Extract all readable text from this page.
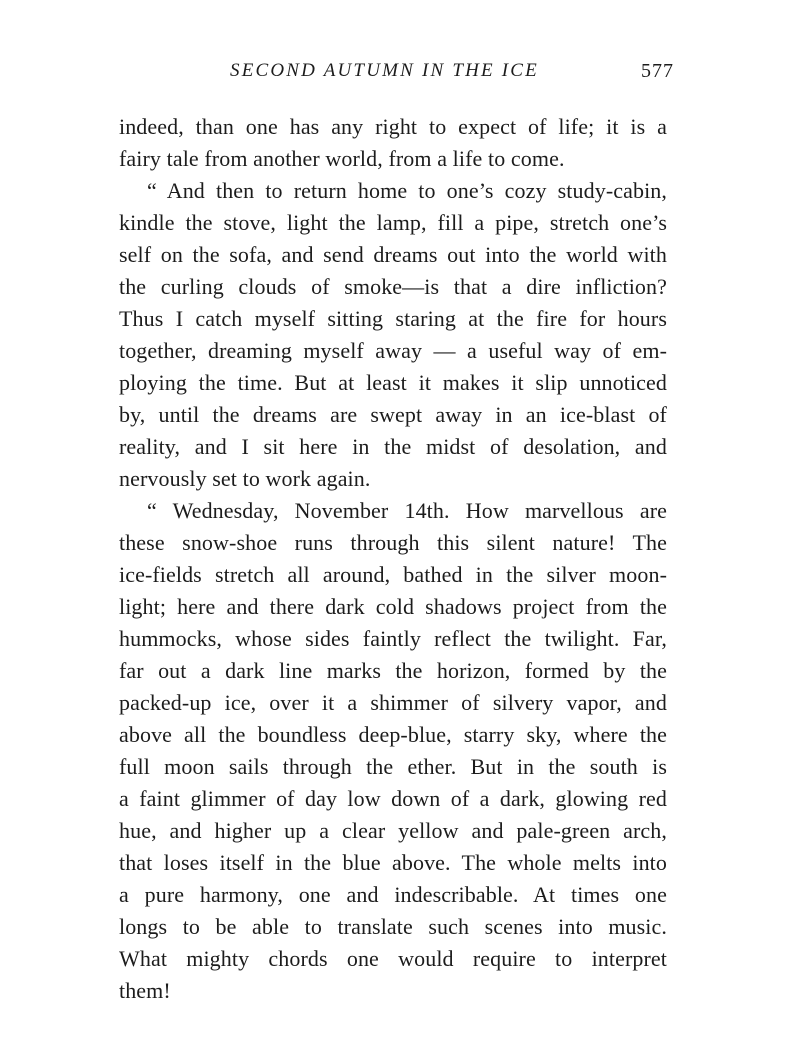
SECOND AUTUMN IN THE ICE	577
indeed, than one has any right to expect of life; it is a
fairy tale from another world, from a life to come.
“ And then to return home to one’s cozy study-cabin,
kindle the stove, light the lamp, fill a pipe, stretch one’s
self on the sofa, and send dreams out into the world with
the curling clouds of smoke—is that a dire infliction?
Thus I catch myself sitting staring at the fire for hours
together, dreaming myself away — a useful way of em-
ploying the time. But at least it makes it slip unnoticed
by, until the dreams are swept away in an ice-blast of
reality, and I sit here in the midst of desolation, and
nervously set to work again.
“ Wednesday, November 14th. How marvellous are
these snow-shoe runs through this silent nature! The
ice-fields stretch all around, bathed in the silver moon-
light; here and there dark cold shadows project from the
hummocks, whose sides faintly reflect the twilight. Far,
far out a dark line marks the horizon, formed by the
packed-up ice, over it a shimmer of silvery vapor, and
above all the boundless deep-blue, starry sky, where the
full moon sails through the ether. But in the south is
a faint glimmer of day low down of a dark, glowing red
hue, and higher up a clear yellow and pale-green arch,
that loses itself in the blue above. The whole melts into
a pure harmony, one and indescribable. At times one
longs to be able to translate such scenes into music.
What mighty chords one would require to interpret
them!
